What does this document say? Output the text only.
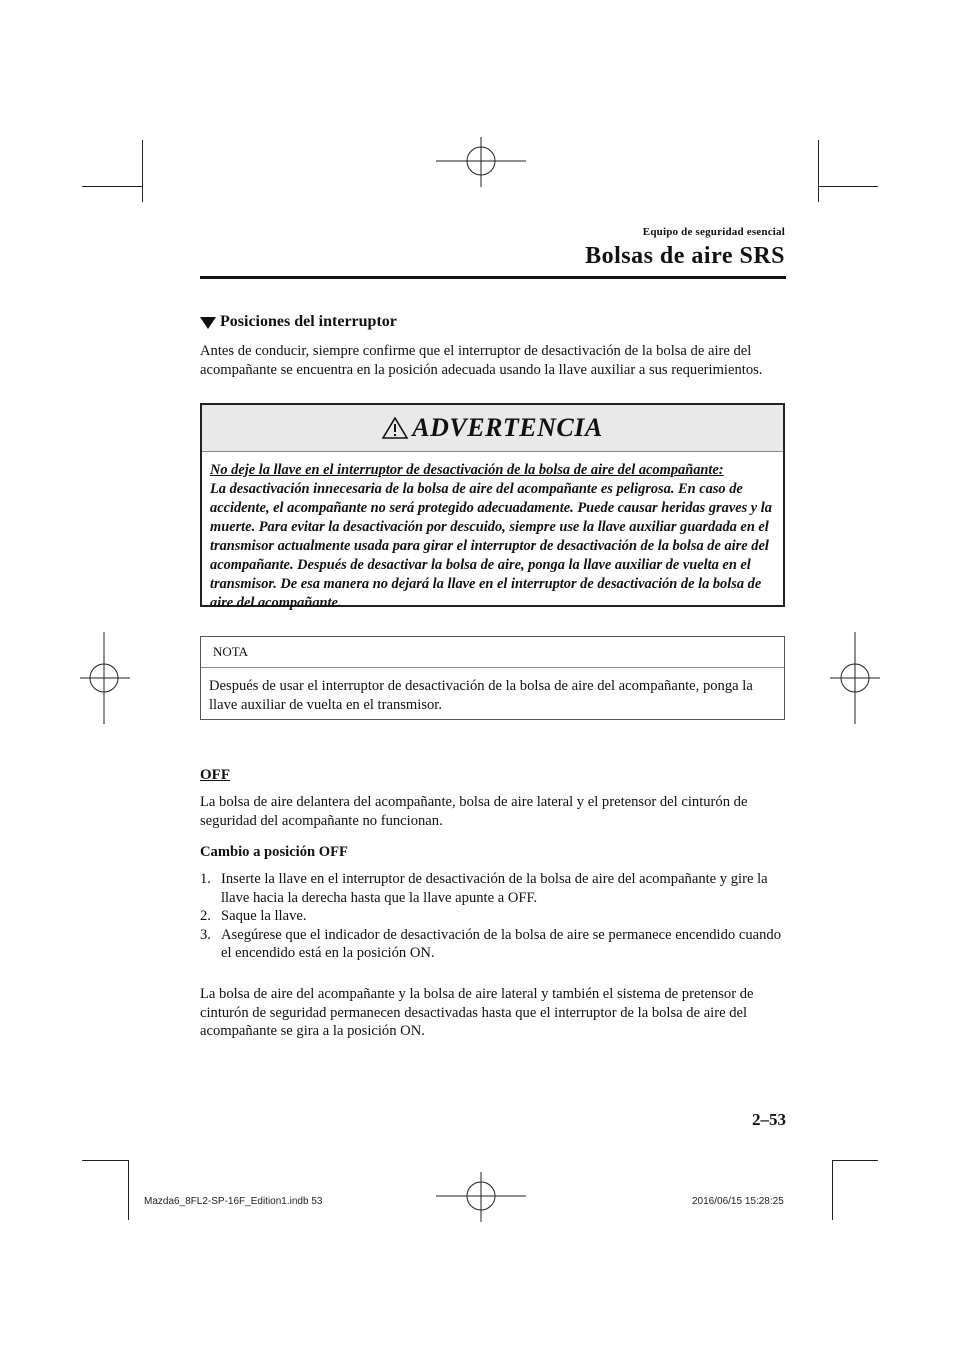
Equipo de seguridad esencial
Bolsas de aire SRS
Posiciones del interruptor
Antes de conducir, siempre confirme que el interruptor de desactivación de la bolsa de aire del acompañante se encuentra en la posición adecuada usando la llave auxiliar a sus requerimientos.
ADVERTENCIA
No deje la llave en el interruptor de desactivación de la bolsa de aire del acompañante:
La desactivación innecesaria de la bolsa de aire del acompañante es peligrosa. En caso de accidente, el acompañante no será protegido adecuadamente. Puede causar heridas graves y la muerte. Para evitar la desactivación por descuido, siempre use la llave auxiliar guardada en el transmisor actualmente usada para girar el interruptor de desactivación de la bolsa de aire del acompañante. Después de desactivar la bolsa de aire, ponga la llave auxiliar de vuelta en el transmisor. De esa manera no dejará la llave en el interruptor de desactivación de la bolsa de aire del acompañante.
NOTA
Después de usar el interruptor de desactivación de la bolsa de aire del acompañante, ponga la llave auxiliar de vuelta en el transmisor.
OFF
La bolsa de aire delantera del acompañante, bolsa de aire lateral y el pretensor del cinturón de seguridad del acompañante no funcionan.
Cambio a posición OFF
1. Inserte la llave en el interruptor de desactivación de la bolsa de aire del acompañante y gire la llave hacia la derecha hasta que la llave apunte a OFF.
2. Saque la llave.
3. Asegúrese que el indicador de desactivación de la bolsa de aire se permanece encendido cuando el encendido está en la posición ON.
La bolsa de aire del acompañante y la bolsa de aire lateral y también el sistema de pretensor de cinturón de seguridad permanecen desactivadas hasta que el interruptor de la bolsa de aire del acompañante se gira a la posición ON.
2–53
Mazda6_8FL2-SP-16F_Edition1.indb 53	2016/06/15 15:28:25
